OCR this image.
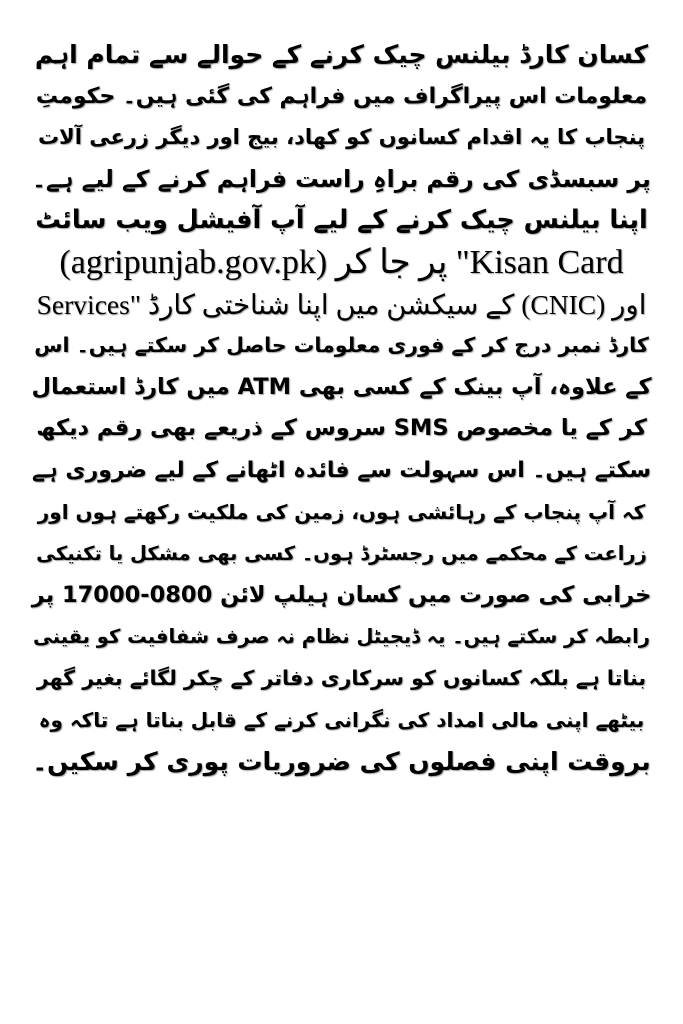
کسان کارڈ بیلنس چیک کرنے کے حوالے سے تمام اہم
معلومات اس پیراگراف میں فراہم کی گئی ہیں۔ حکومتِ
پنجاب کا یہ اقدام کسانوں کو کھاد، بیج اور دیگر زرعی آلات
پر سبسڈی کی رقم براہِ راست فراہم کرنے کے لیے ہے۔
اپنا بیلنس چیک کرنے کے لیے آپ آفیشل ویب سائٹ
(agripunjab.gov.pk) پر جا کر "Kisan Card
Services" کے سیکشن میں اپنا شناختی کارڈ (CNIC) اور
کارڈ نمبر درج کر کے فوری معلومات حاصل کر سکتے ہیں۔ اس
کے علاوہ، آپ بینک کے کسی بھی ATM میں کارڈ استعمال
کر کے یا مخصوص SMS سروس کے ذریعے بھی رقم دیکھ
سکتے ہیں۔ اس سہولت سے فائدہ اٹھانے کے لیے ضروری ہے
کہ آپ پنجاب کے رہائشی ہوں، زمین کی ملکیت رکھتے ہوں اور
زراعت کے محکمے میں رجسٹرڈ ہوں۔ کسی بھی مشکل یا تکنیکی
خرابی کی صورت میں کسان ہیلپ لائن 0800-17000 پر
رابطہ کر سکتے ہیں۔ یہ ڈیجیٹل نظام نہ صرف شفافیت کو یقینی
بناتا ہے بلکہ کسانوں کو سرکاری دفاتر کے چکر لگائے بغیر گھر
بیٹھے اپنی مالی امداد کی نگرانی کرنے کے قابل بناتا ہے تاکہ وہ
بروقت اپنی فصلوں کی ضروریات پوری کر سکیں۔
